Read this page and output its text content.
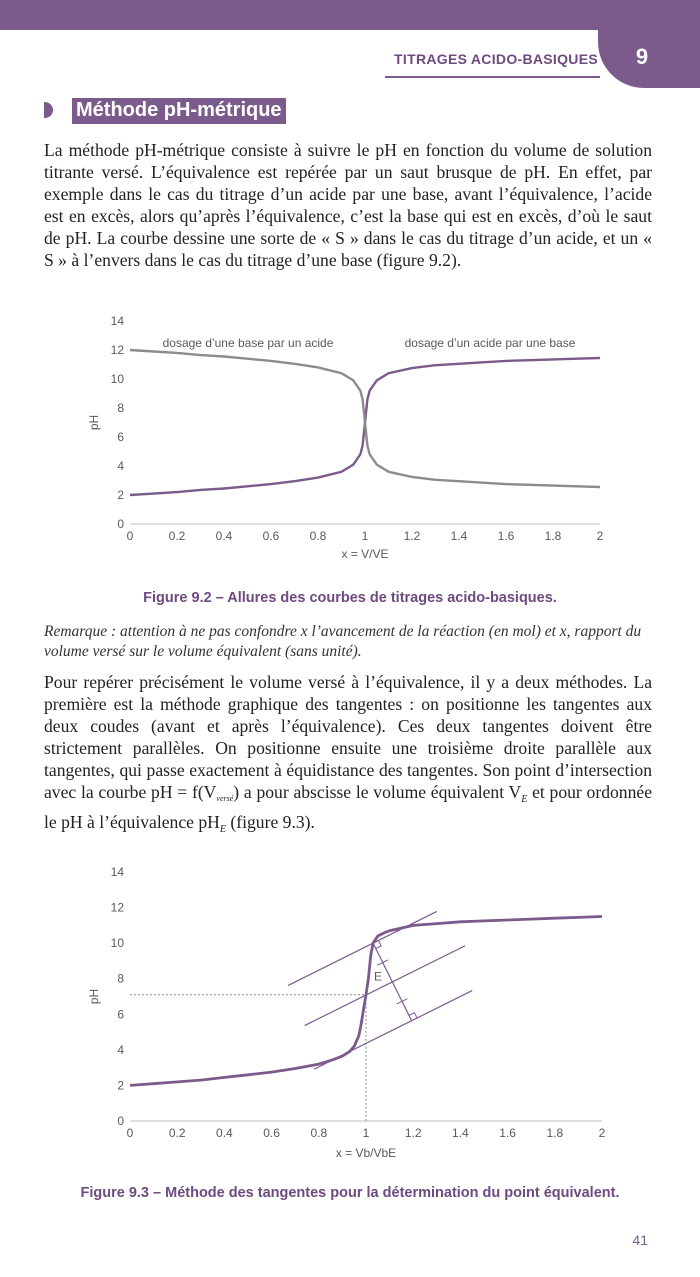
9
TITRAGES ACIDO-BASIQUES
Méthode pH-métrique

La méthode pH-métrique consiste à suivre le pH en fonction du volume de solution titrante versé. L’équivalence est repérée par un saut brusque de pH. En effet, par exemple dans le cas du titrage d’un acide par une base, avant l’équivalence, l’acide est en excès, alors qu’après l’équivalence, c’est la base qui est en excès, d’où le saut de pH. La courbe dessine une sorte de « S » dans le cas du titrage d’un acide, et un « S » à l’envers dans le cas du titrage d’une base (figure 9.2).

0	0.2	0.4	0.6	0.8	1	1.2	1.4	1.6	1.8	2
0
2
4
6
8
10
12
14
x = V/VE
pH
dosage d’une base par un acide	dosage d’un acide par une base
Figure 9.2 – Allures des courbes de titrages acido-basiques.

Remarque : attention à ne pas confondre x l’avancement de la réaction (en mol) et x, rapport du volume versé sur le volume équivalent (sans unité).

Pour repérer précisément le volume versé à l’équivalence, il y a deux méthodes. La première est la méthode graphique des tangentes : on positionne les tangentes aux deux coudes (avant et après l’équivalence). Ces deux tangentes doivent être strictement parallèles. On positionne ensuite une troisième droite parallèle aux tangentes, qui passe exactement à équidistance des tangentes. Son point d’intersection avec la courbe pH = f(Vversé) a pour abscisse le volume équivalent $V_E$ et pour ordonnée le pH à l’équivalence $pH_E$ (figure 9.3).

0	0.2	0.4	0.6	0.8	1	1.2	1.4	1.6	1.8	2
0
2
4
6
8
10
12
14
x = Vb/VbE
pH
E
Figure 9.3 – Méthode des tangentes pour la détermination du point équivalent.
41
